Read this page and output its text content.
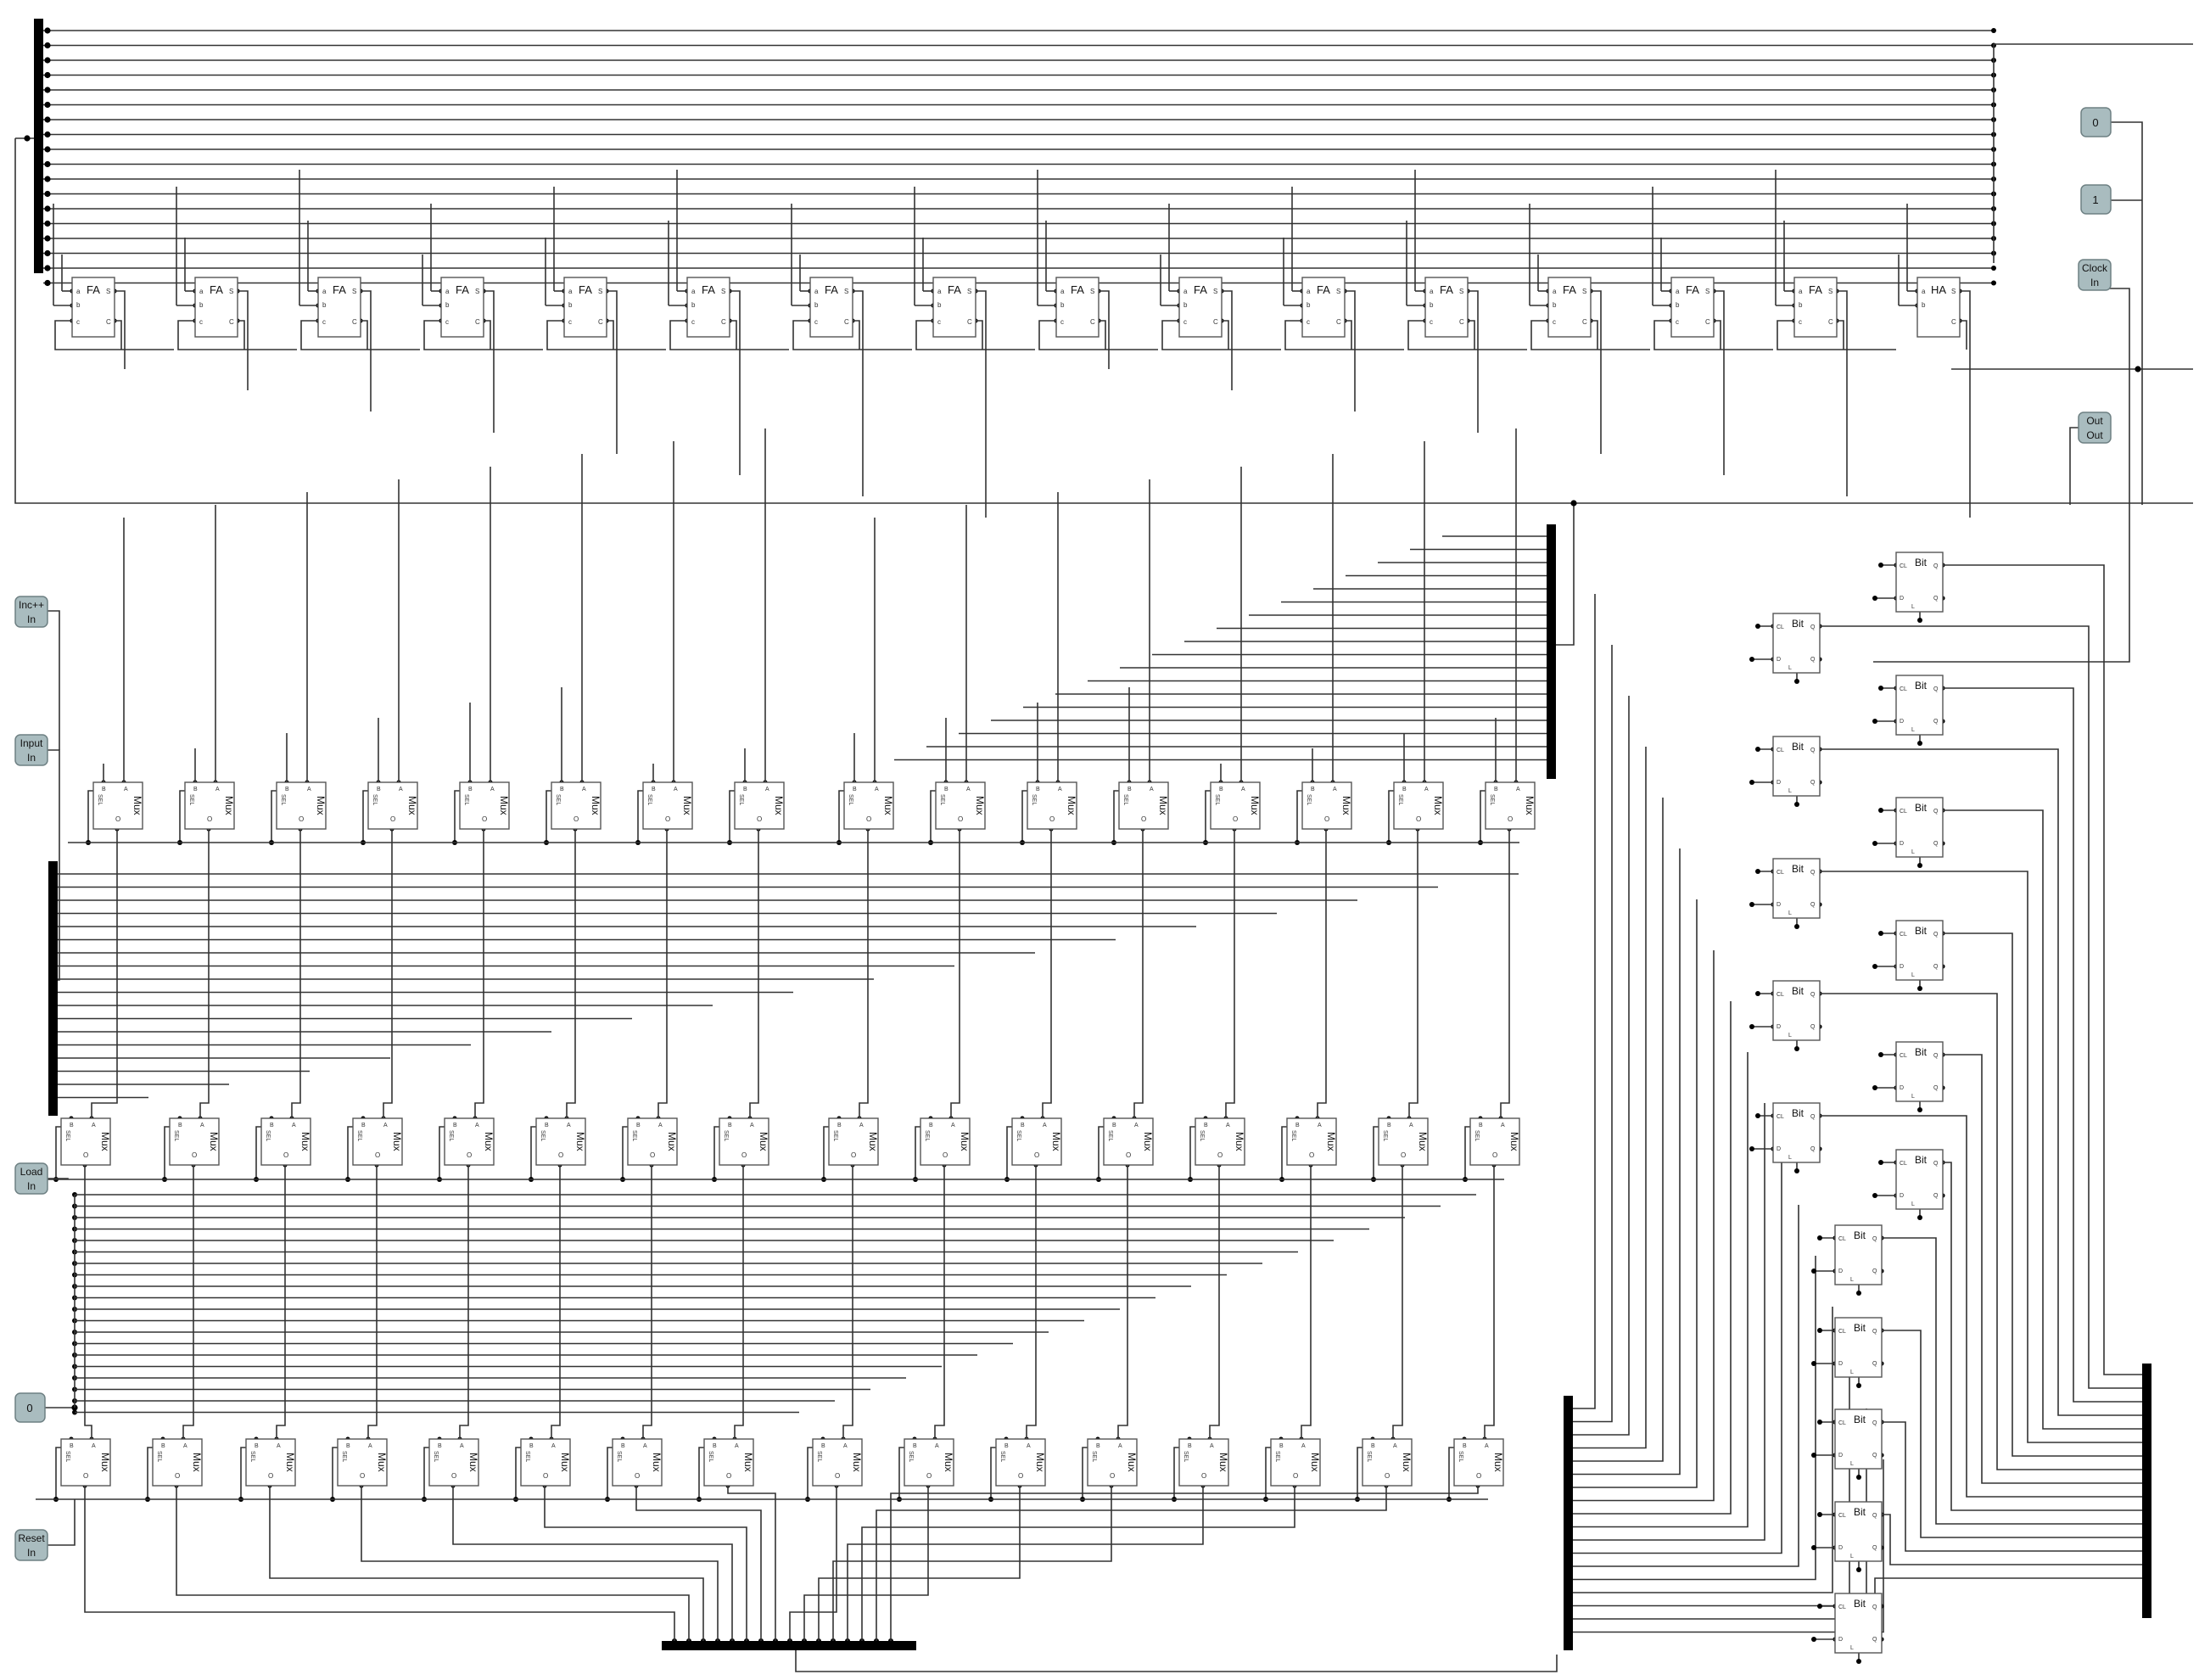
FA
a
b
c
S
C
FA
a
b
c
S
C
FA
a
b
c
S
C
FA
a
b
c
S
C
FA
a
b
c
S
C
FA
a
b
c
S
C
FA
a
b
c
S
C
FA
a
b
c
S
C
FA
a
b
c
S
C
FA
a
b
c
S
C
FA
a
b
c
S
C
FA
a
b
c
S
C
FA
a
b
c
S
C
FA
a
b
c
S
C
FA
a
b
c
S
C
HA
a
b
S
C
Mux
B	A
SEL
O
Mux
B	A
SEL
O
Mux
B	A
SEL
O
Mux
B	A
SEL
O
Mux
B	A
SEL
O
Mux
B	A
SEL
O
Mux
B	A
SEL
O
Mux
B	A
SEL
O
Mux
B	A
SEL
O
Mux
B	A
SEL
O
Mux
B	A
SEL
O
Mux
B	A
SEL
O
Mux
B	A
SEL
O
Mux
B	A
SEL
O
Mux
B	A
SEL
O
Mux
B	A
SEL
O
Mux
B	A
SEL
O
Mux
B	A
SEL
O
Mux
B	A
SEL
O
Mux
B	A
SEL
O
Mux
B	A
SEL
O
Mux
B	A
SEL
O
Mux
B	A
SEL
O
Mux
B	A
SEL
O
Mux
B	A
SEL
O
Mux
B	A
SEL
O
Mux
B	A
SEL
O
Mux
B	A
SEL
O
Mux
B	A
SEL
O
Mux
B	A
SEL
O
Mux
B	A
SEL
O
Mux
B	A
SEL
O
Mux
B	A
SEL
O
Mux
B	A
SEL
O
Mux
B	A
SEL
O
Mux
B	A
SEL
O
Mux
B	A
SEL
O
Mux
B	A
SEL
O
Mux
B	A
SEL
O
Mux
B	A
SEL
O
Mux
B	A
SEL
O
Mux
B	A
SEL
O
Mux
B	A
SEL
O
Mux
B	A
SEL
O
Mux
B	A
SEL
O
Mux
B	A
SEL
O
Mux
B	A
SEL
O
Mux
B	A
SEL
O
Bit
CL
D
L
Q
Q
Bit
CL
D
L
Q
Q
Bit
CL
D
L
Q
Q
Bit
CL
D
L
Q
Q
Bit
CL
D
L
Q
Q
Bit
CL
D
L
Q
Q
Bit
CL
D
L
Q
Q
Bit
CL
D
L
Q
Q
Bit
CL
D
L
Q
Q
Bit
CL
D
L
Q
Q
Bit
CL
D
L
Q
Q
Bit
CL
D
L
Q
Q
Bit
CL
D
L
Q
Q
Bit
CL
D
L
Q
Q
Bit
CL
D
L
Q
Q
Bit
CL
D
L
Q
Q
0
1
Clock
In
Out
Out
Inc++
In
Input
In
Load
In
0
Reset
In
